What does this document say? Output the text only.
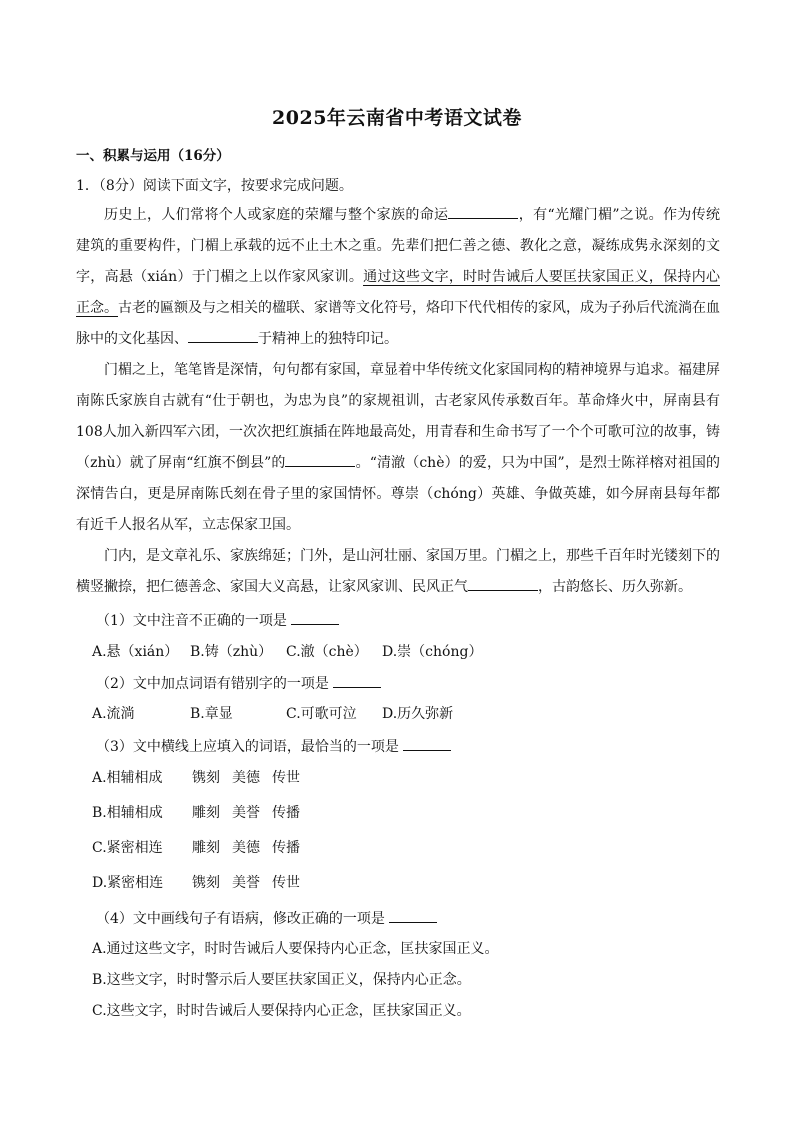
2025年云南省中考语文试卷
一、积累与运用（16分）
1．（8分）阅读下面文字，按要求完成问题。

历史上，人们常将个人或家庭的荣耀与整个家族的命运	，有“光耀门楣”之说。作为传统建筑的重要构件，门楣上承载的远不止土木之重。先辈们把仁善之德、教化之意，凝练成隽永深刻的文字，高悬（xián）于门楣之上以作家风家训。通过这些文字，时时告诫后人要匡扶家国正义，保持内心正念。古老的匾额及与之相关的楹联、家谱等文化符号，烙印下代代相传的家风，成为子孙后代流淌在血脉中的文化基因、	于精神上的独特印记。

门楣之上，笔笔皆是深情，句句都有家国，章显着中华传统文化家国同构的精神境界与追求。福建屏南陈氏家族自古就有“仕于朝也，为忠为良”的家规祖训，古老家风传承数百年。革命烽火中，屏南县有108人加入新四军六团，一次次把红旗插在阵地最高处，用青春和生命书写了一个个可歌可泣的故事，铸（zhù）就了屏南“红旗不倒县”的	。“清澈（chè）的爱，只为中国”，是烈士陈祥榕对祖国的深情告白，更是屏南陈氏刻在骨子里的家国情怀。尊崇（chóng）英雄、争做英雄，如今屏南县每年都有近千人报名从军，立志保家卫国。

门内，是文章礼乐、家族绵延；门外，是山河壮丽、家国万里。门楣之上，那些千百年时光镂刻下的横竖撇捺，把仁德善念、家国大义高悬，让家风家训、民风正气	，古韵悠长、历久弥新。

（1）文中注音不正确的一项是
A.悬（xián） B.铸（zhù） C.澈（chè） D.崇（chóng）
（2）文中加点词语有错别字的一项是
A.流淌	B.章显	C.可歌可泣 D.历久弥新
（3）文中横线上应填入的词语，最恰当的一项是
A.相辅相成 镌刻 美德 传世
B.相辅相成 雕刻 美誉 传播
C.紧密相连 雕刻 美德 传播
D.紧密相连 镌刻 美誉 传世
（4）文中画线句子有语病，修改正确的一项是
A.通过这些文字，时时告诫后人要保持内心正念，匡扶家国正义。
B.这些文字，时时警示后人要匡扶家国正义，保持内心正念。
C.这些文字，时时告诫后人要保持内心正念，匡扶家国正义。
